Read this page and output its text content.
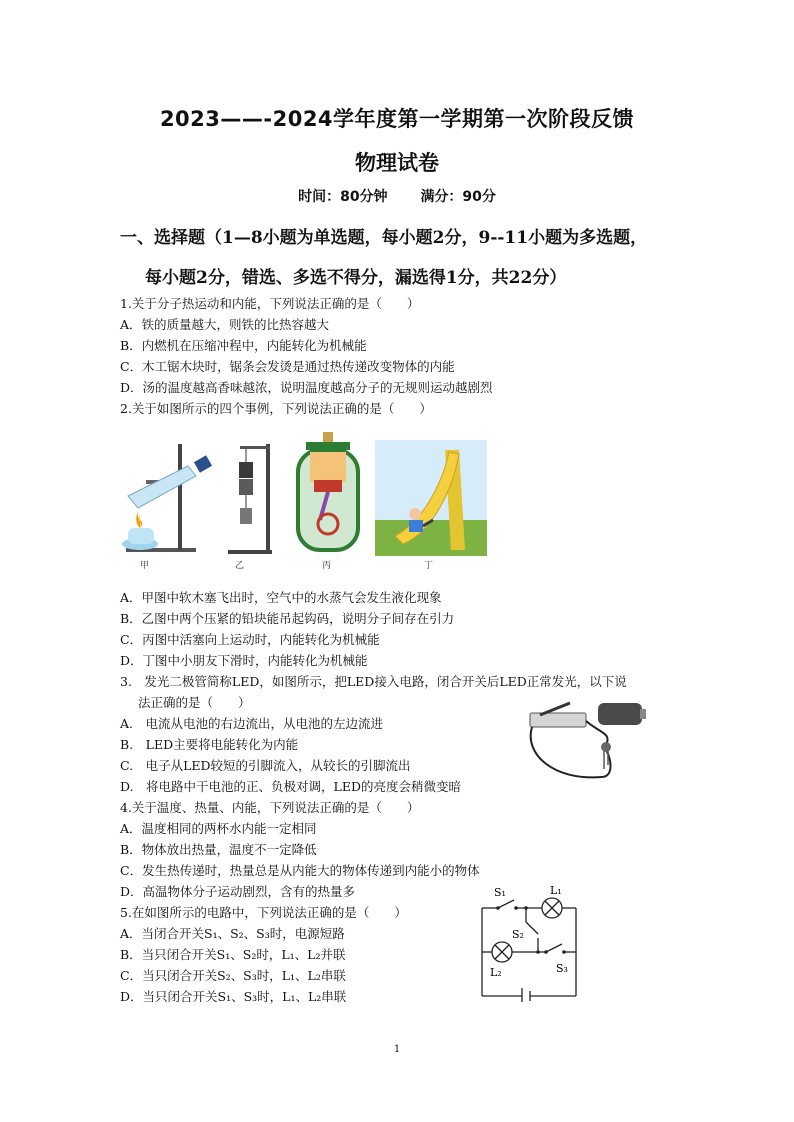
2023——-2024学年度第一学期第一次阶段反馈
物理试卷
时间：80分钟 满分：90分
一、选择题（1—8小题为单选题，每小题2分，9--11小题为多选题，
每小题2分，错选、多选不得分，漏选得1分，共22分）
1.关于分子热运动和内能，下列说法正确的是（　　）
A．铁的质量越大，则铁的比热容越大
B．内燃机在压缩冲程中，内能转化为机械能
C．木工锯木块时，锯条会发烫是通过热传递改变物体的内能
D．汤的温度越高香味越浓，说明温度越高分子的无规则运动越剧烈
2.关于如图所示的四个事例，下列说法正确的是（　　）
甲	乙	丙	丁
A．甲图中软木塞飞出时，空气中的水蒸气会发生液化现象
B．乙图中两个压紧的铅块能吊起钩码，说明分子间存在引力
C．丙图中活塞向上运动时，内能转化为机械能
D．丁图中小朋友下滑时，内能转化为机械能
3.　发光二极管简称LED，如图所示，把LED接入电路，闭合开关后LED正常发光，以下说
法正确的是（　　）
A.　电流从电池的右边流出，从电池的左边流进
B.　LED主要将电能转化为内能
C.　电子从LED较短的引脚流入，从较长的引脚流出
D.　将电路中干电池的正、负极对调，LED的亮度会稍微变暗
4.关于温度、热量、内能，下列说法正确的是（　　）
A．温度相同的两杯水内能一定相同
B．物体放出热量，温度不一定降低
C．发生热传递时，热量总是从内能大的物体传递到内能小的物体
D．高温物体分子运动剧烈，含有的热量多
5.在如图所示的电路中，下列说法正确的是（　　）
A．当闭合开关S₁、S₂、S₃时，电源短路
B．当只闭合开关S₁、S₂时，L₁、L₂并联
C．当只闭合开关S₂、S₃时，L₁、L₂串联
D．当只闭合开关S₁、S₃时，L₁、L₂串联
S₁	L₁
S₂
L₂	S₃
1
